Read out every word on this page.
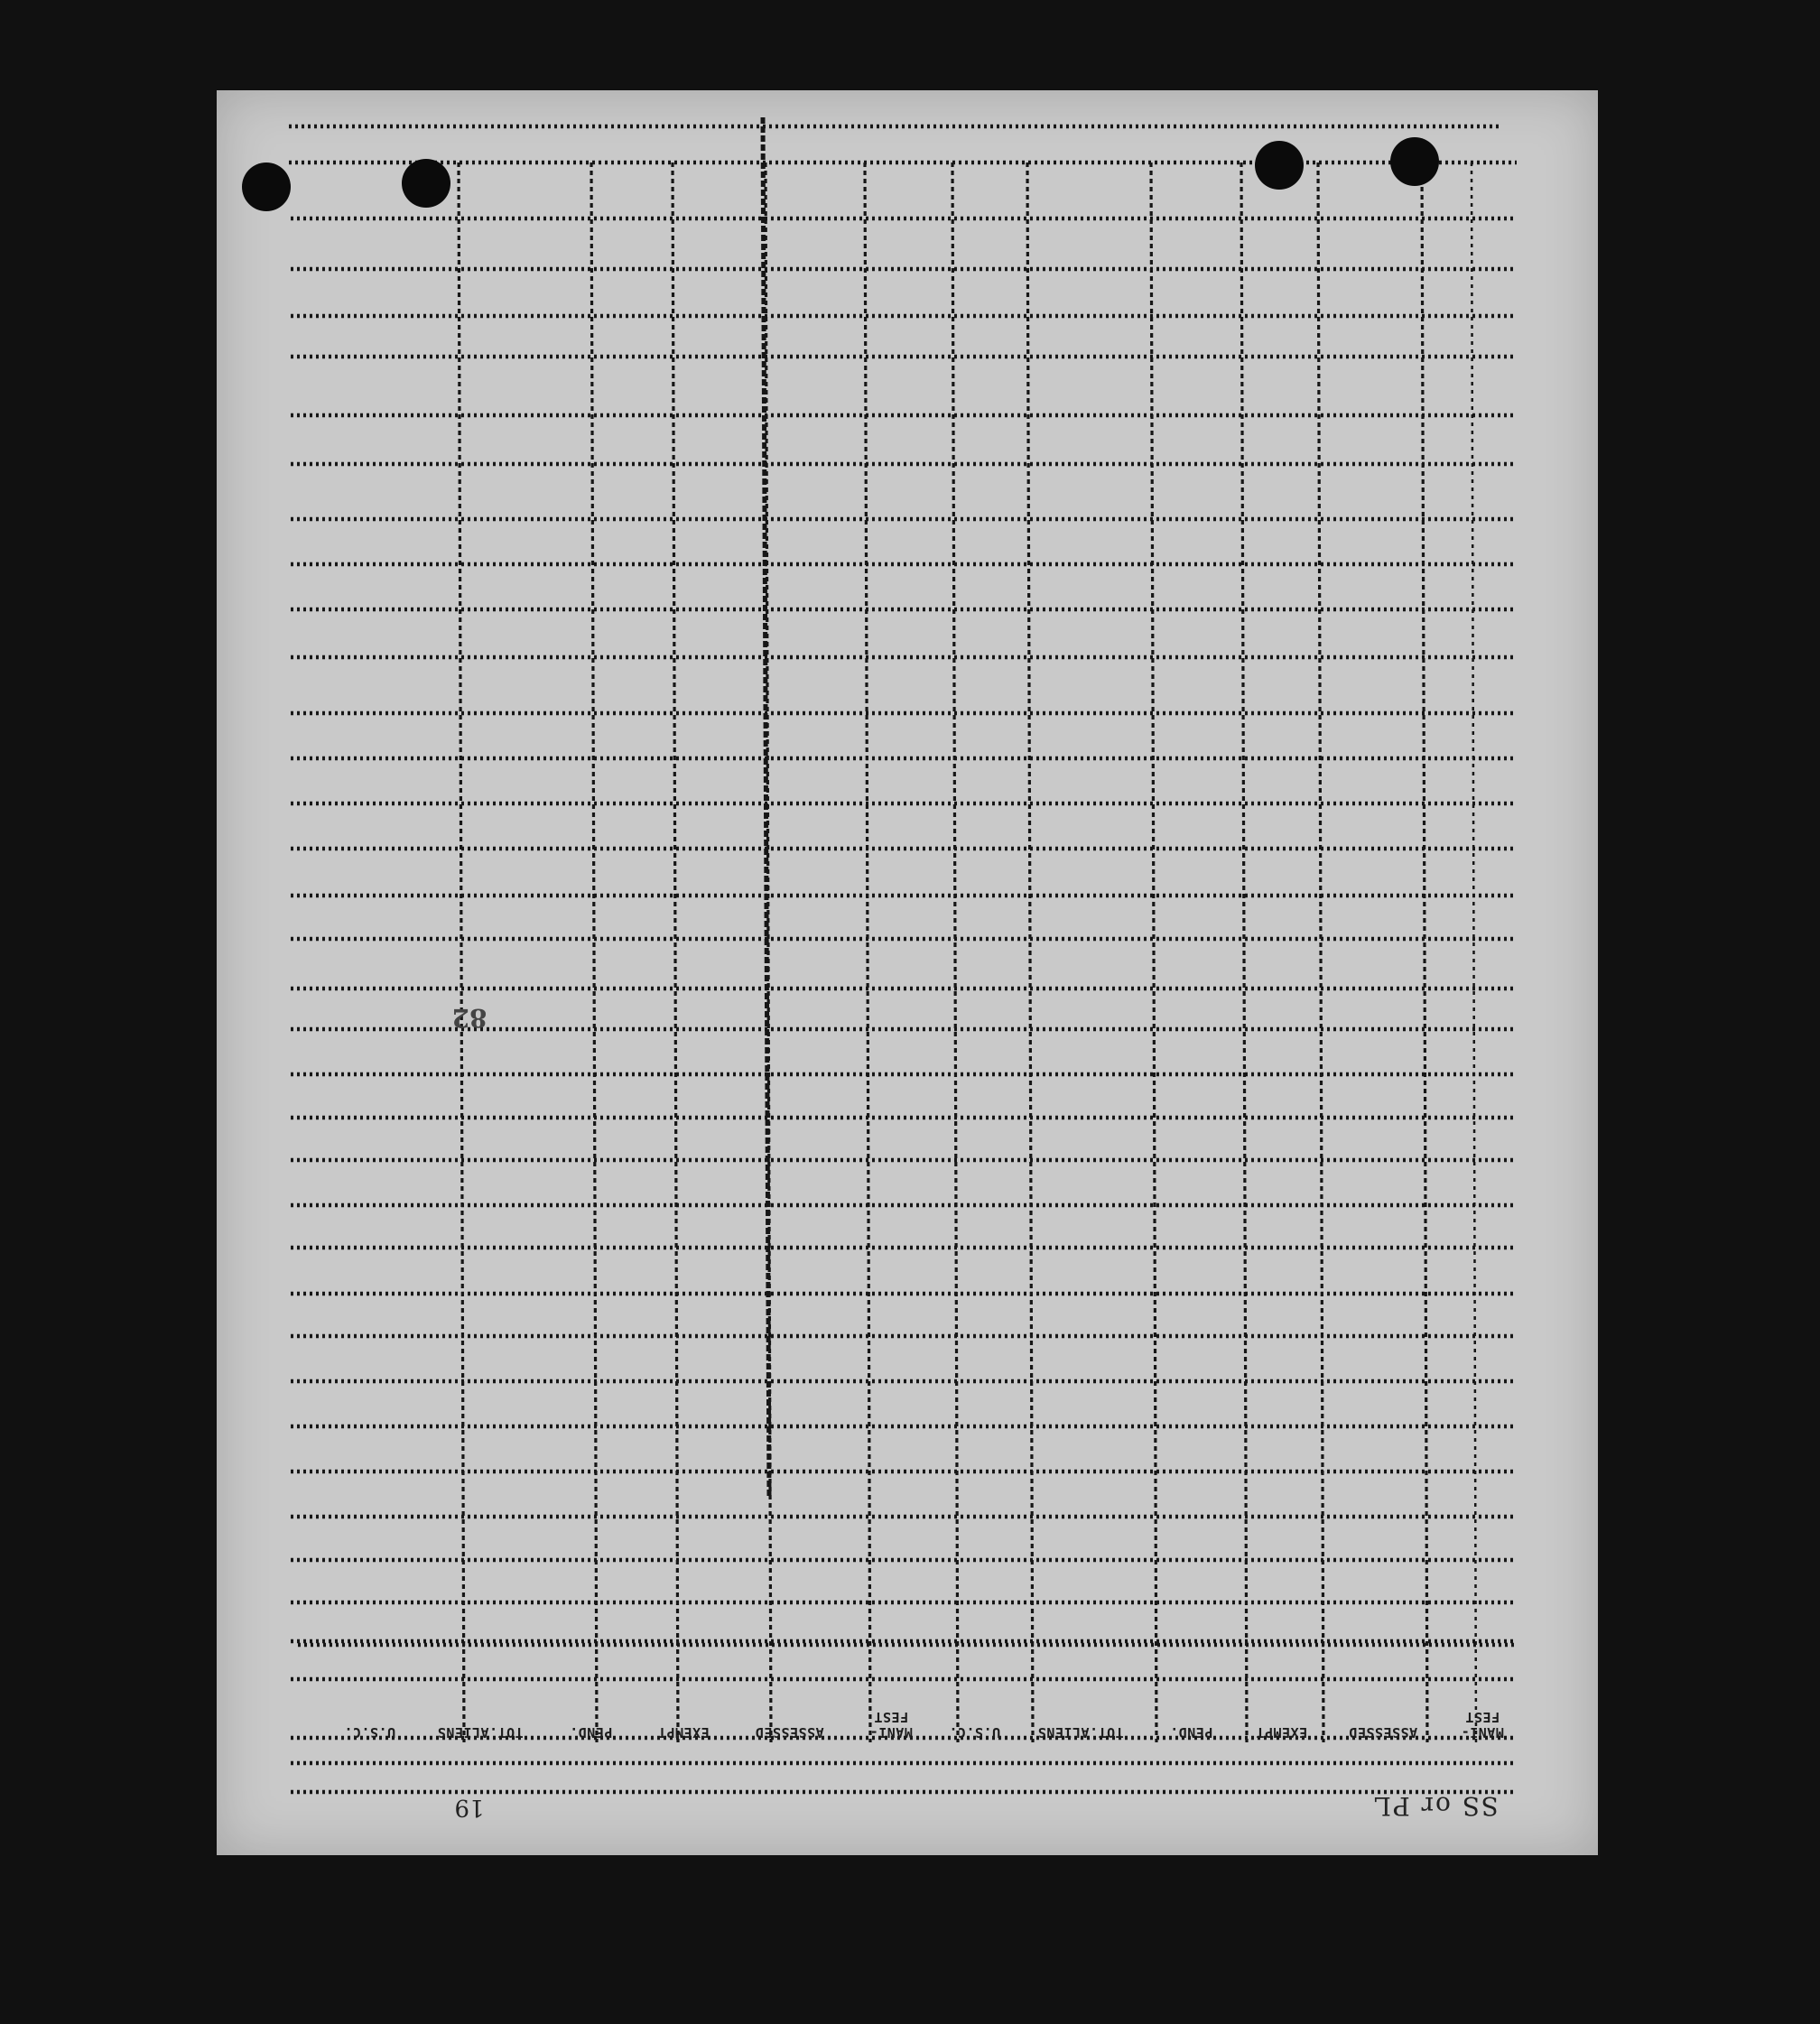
82
MANI-
FEST
ASSESSED
EXEMPT
PEND.
TOT.ALIENS
U.S.C.
MANI-
FEST
ASSESSED
EXEMPT
PEND.
TOT.ALIENS
U.S.C.
SS or PL
19
